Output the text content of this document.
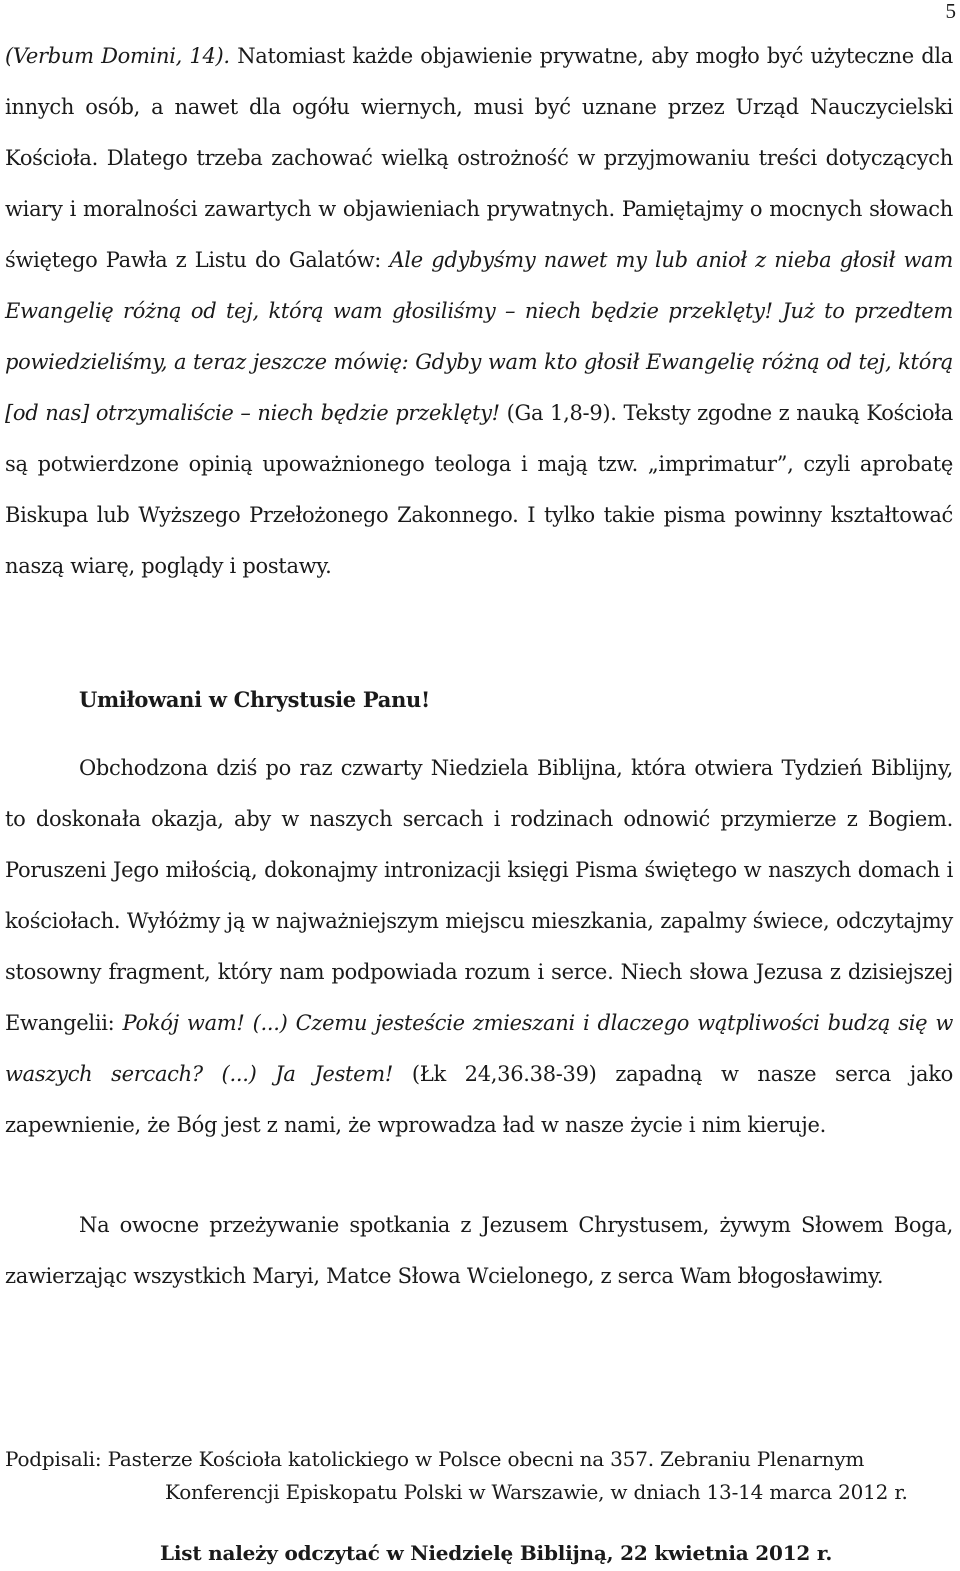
5

(Verbum Domini, 14). Natomiast każde objawienie prywatne, aby mogło być użyteczne dla innych osób, a nawet dla ogółu wiernych, musi być uznane przez Urząd Nauczycielski Kościoła. Dlatego trzeba zachować wielką ostrożność w przyjmowaniu treści dotyczących wiary i moralności zawartych w objawieniach prywatnych. Pamiętajmy o mocnych słowach świętego Pawła z Listu do Galatów: Ale gdybyśmy nawet my lub anioł z nieba głosił wam Ewangelię różną od tej, którą wam głosiliśmy – niech będzie przeklęty! Już to przedtem powiedzieliśmy, a teraz jeszcze mówię: Gdyby wam kto głosił Ewangelię różną od tej, którą [od nas] otrzymaliście – niech będzie przeklęty! (Ga 1,8-9). Teksty zgodne z nauką Kościoła są potwierdzone opinią upoważnionego teologa i mają tzw. „imprimatur”, czyli aprobatę Biskupa lub Wyższego Przełożonego Zakonnego. I tylko takie pisma powinny kształtować naszą wiarę, poglądy i postawy.

Umiłowani w Chrystusie Panu!

Obchodzona dziś po raz czwarty Niedziela Biblijna, która otwiera Tydzień Biblijny, to doskonała okazja, aby w naszych sercach i rodzinach odnowić przymierze z Bogiem. Poruszeni Jego miłością, dokonajmy intronizacji księgi Pisma świętego w naszych domach i kościołach. Wyłóżmy ją w najważniejszym miejscu mieszkania, zapalmy świece, odczytajmy stosowny fragment, który nam podpowiada rozum i serce. Niech słowa Jezusa z dzisiejszej Ewangelii: Pokój wam! (...) Czemu jesteście zmieszani i dlaczego wątpliwości budzą się w waszych sercach? (...) Ja Jestem! (Łk 24,36.38-39) zapadną w nasze serca jako zapewnienie, że Bóg jest z nami, że wprowadza ład w nasze życie i nim kieruje.

Na owocne przeżywanie spotkania z Jezusem Chrystusem, żywym Słowem Boga, zawierzając wszystkich Maryi, Matce Słowa Wcielonego, z serca Wam błogosławimy.

Podpisali: Pasterze Kościoła katolickiego w Polsce obecni na 357. Zebraniu Plenarnym

Konferencji Episkopatu Polski w Warszawie, w dniach 13-14 marca 2012 r.

List należy odczytać w Niedzielę Biblijną, 22 kwietnia 2012 r.
